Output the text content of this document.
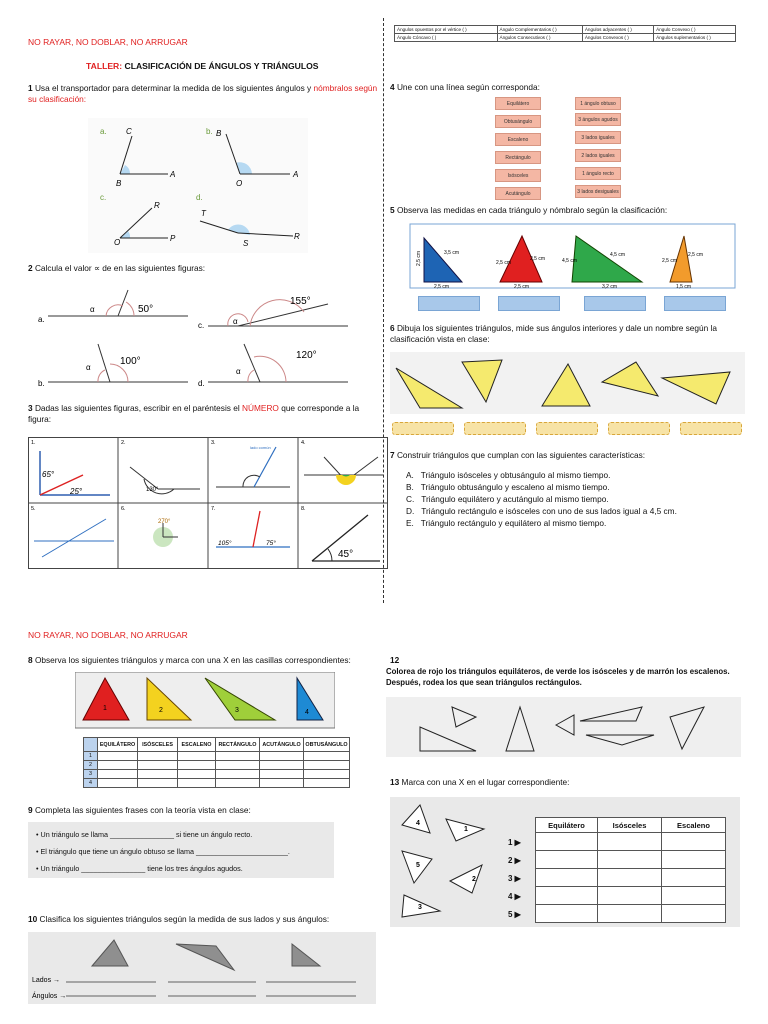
NO RAYAR, NO DOBLAR, NO ARRUGAR
TALLER: CLASIFICACIÓN DE ÁNGULOS Y TRIÁNGULOS
1 Usa el transportador para determinar la medida de los siguientes ángulos y nómbralos según su clasificación:
a.	b.
c.	d.
C
B
A
B
O
A
R
O	P
T
S
R
2 Calcula el valor ∝ de en las siguientes figuras:
a.
α	50°
c.	α
155°
b.
α
100°
d.
α
120°
3 Dadas las siguientes figuras, escribir en el paréntesis el NÚMERO que corresponde a la figura:
1.	2.	3.	4.
5.	6.	7.	8.
65°
25°	130°
lado común
270°
105°	75°
45°
Ángulos opuestos por el vértice ( )	Ángulo Complementarios ( )	Ángulos adyacentes ( )	Ángulo Convexo ( )
Ángulo Cóncavo ( )	Ángulos Consecutivos ( )	Ángulos Convexos ( )	Ángulos suplementarios ( )
4 Une con una línea según corresponda:
Equilátero
Obtusángulo
Escaleno
Rectángulo
Isósceles
Acutángulo
1 ángulo obtuso
3 ángulos agudos
3 lados iguales
2 lados iguales
1 ángulo recto
3 lados desiguales
5 Observa las medidas en cada triángulo y nómbralo según la clasificación:
2,5 cm	3,5 cm
2,5 cm
2,5 cm
2,5 cm
2,5 cm
4,5 cm
4,5 cm
3,2 cm
2,5 cm
2,5 cm
1,5 cm
6 Dibuja los siguientes triángulos, mide sus ángulos interiores y dale un nombre según la clasificación vista en clase:
7 Construir triángulos que cumplan con las siguientes características:
A. Triángulo isósceles y obtusángulo al mismo tiempo.
B. Triángulo obtusángulo y escaleno al mismo tiempo.
C. Triángulo equilátero y acutángulo al mismo tiempo.
D. Triángulo rectángulo e isósceles con uno de sus lados igual a 4,5 cm.
E. Triángulo rectángulo y equilátero al mismo tiempo.
NO RAYAR, NO DOBLAR, NO ARRUGAR
8 Observa los siguientes triángulos y marca con una X en las casillas correspondientes:
1	2	3	4
	EQUILÁTERO	ISÓSCELES	ESCALENO	RECTÁNGULO	ACUTÁNGULO	OBTUSÁNGULO
1						
2						
3						
4						
9 Completa las siguientes frases con la teoría vista en clase:
• Un triángulo se llama ________________ si tiene un ángulo recto.
• El triángulo que tiene un ángulo obtuso se llama _______________________.
• Un triángulo ________________ tiene los tres ángulos agudos.
10 Clasifica los siguientes triángulos según la medida de sus lados y sus ángulos:
Lados →
Ángulos →
12
Colorea de rojo los triángulos equiláteros, de verde los isósceles y de marrón los escalenos.
Después, rodea los que sean triángulos rectángulos.
13 Marca con una X en el lugar correspondiente:
4
1
5
2
3
1 ▶
2 ▶
3 ▶
4 ▶
5 ▶
Equilátero	Isósceles	Escaleno
